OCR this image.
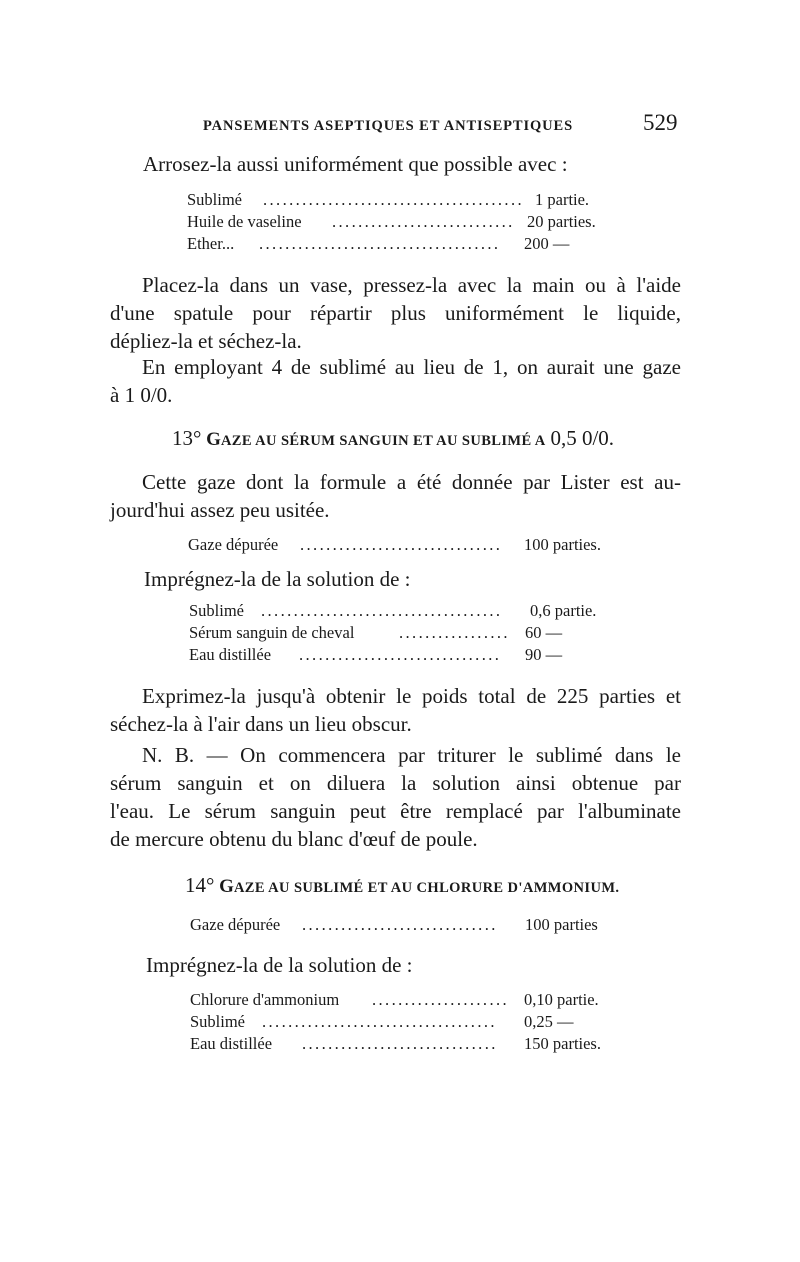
PANSEMENTS ASEPTIQUES ET ANTISEPTIQUES	529
Arrosez-la aussi uniformément que possible avec :
Sublimé ........................................ 1 partie.
Huile de vaseline ............................ 20 parties.
Ether... .....................................	200 —
Placez-la dans un vase, pressez-la avec la main ou à l'aide
d'une spatule pour répartir plus uniformément le liquide,
dépliez-la et séchez-la.
En employant 4 de sublimé au lieu de 1, on aurait une gaze
à 1 0/0.
13° GAZE AU SÉRUM SANGUIN ET AU SUBLIMÉ A 0,5 0/0.
Cette gaze dont la formule a été donnée par Lister est au-
jourd'hui assez peu usitée.
Gaze dépurée ...............................	100 parties.
Imprégnez-la de la solution de :
Sublimé .....................................	0,6 partie.
Sérum sanguin de cheval	................. 60 —
Eau distillée ...............................	90 —
Exprimez-la jusqu'à obtenir le poids total de 225 parties et
séchez-la à l'air dans un lieu obscur.
N. B. — On commencera par triturer le sublimé dans le
sérum sanguin et on diluera la solution ainsi obtenue par
l'eau. Le sérum sanguin peut être remplacé par l'albuminate
de mercure obtenu du blanc d'œuf de poule.
14° GAZE AU SUBLIMÉ ET AU CHLORURE D'AMMONIUM.
Gaze dépurée ..............................	100 parties
Imprégnez-la de la solution de :
Chlorure d'ammonium ..................... 0,10 partie.
Sublimé ....................................	0,25 —
Eau distillée ..............................	150 parties.
